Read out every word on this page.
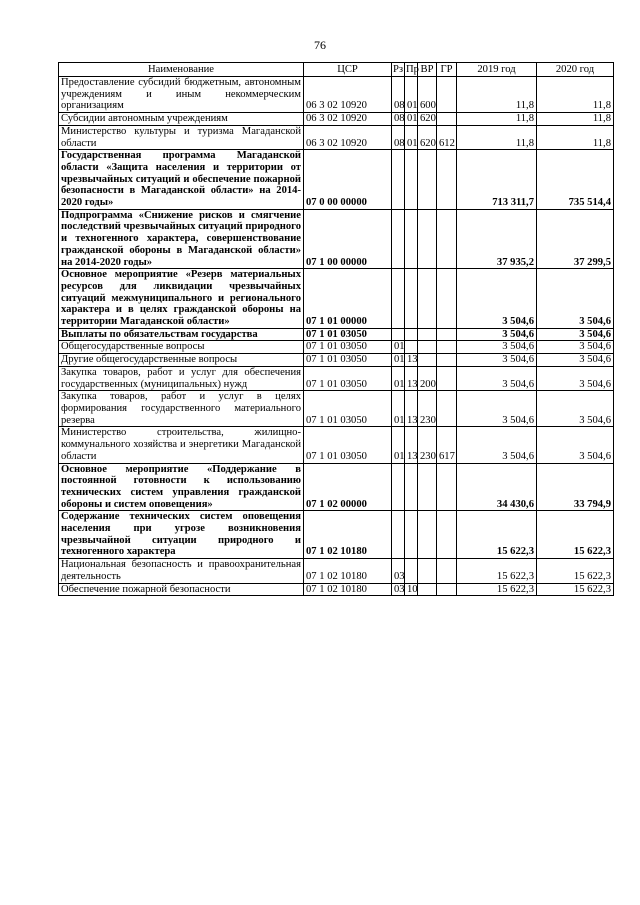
76
Наименование	ЦСР	Рз	Пр	ВР	ГР	2019 год	2020 год
Предоставление субсидий бюджетным, автономным учреждениям и иным некоммерческим организациям	06 3 02 10920	08	01	600		11,8	11,8
Субсидии автономным учреждениям	06 3 02 10920	08	01	620		11,8	11,8
Министерство культуры и туризма Магаданской области	06 3 02 10920	08	01	620	612	11,8	11,8
Государственная программа Магаданской области «Защита населения и территории от чрезвычайных ситуаций и обеспечение пожарной безопасности в Магаданской области» на 2014-2020 годы»	07 0 00 00000					713 311,7	735 514,4
Подпрограмма «Снижение рисков и смягчение последствий чрезвычайных ситуаций природного и техногенного характера, совершенствование гражданской обороны в Магаданской области» на 2014-2020 годы»	07 1 00 00000					37 935,2	37 299,5
Основное мероприятие «Резерв материальных ресурсов для ликвидации чрезвычайных ситуаций межмуниципального и регионального характера и в целях гражданской обороны на территории Магаданской области»	07 1 01 00000					3 504,6	3 504,6
Выплаты по обязательствам государства	07 1 01 03050					3 504,6	3 504,6
Общегосударственные вопросы	07 1 01 03050	01				3 504,6	3 504,6
Другие общегосударственные вопросы	07 1 01 03050	01	13			3 504,6	3 504,6
Закупка товаров, работ и услуг для обеспечения государственных (муниципальных) нужд	07 1 01 03050	01	13	200		3 504,6	3 504,6
Закупка товаров, работ и услуг в целях формирования государственного материального резерва	07 1 01 03050	01	13	230		3 504,6	3 504,6
Министерство строительства, жилищно-коммунального хозяйства и энергетики Магаданской области	07 1 01 03050	01	13	230	617	3 504,6	3 504,6
Основное мероприятие «Поддержание в постоянной готовности к использованию технических систем управления гражданской обороны и систем оповещения»	07 1 02 00000					34 430,6	33 794,9
Содержание технических систем оповещения населения при угрозе возникновения чрезвычайной ситуации природного и техногенного характера	07 1 02 10180					15 622,3	15 622,3
Национальная безопасность и правоохранительная деятельность	07 1 02 10180	03				15 622,3	15 622,3
Обеспечение пожарной безопасности	07 1 02 10180	03	10			15 622,3	15 622,3
